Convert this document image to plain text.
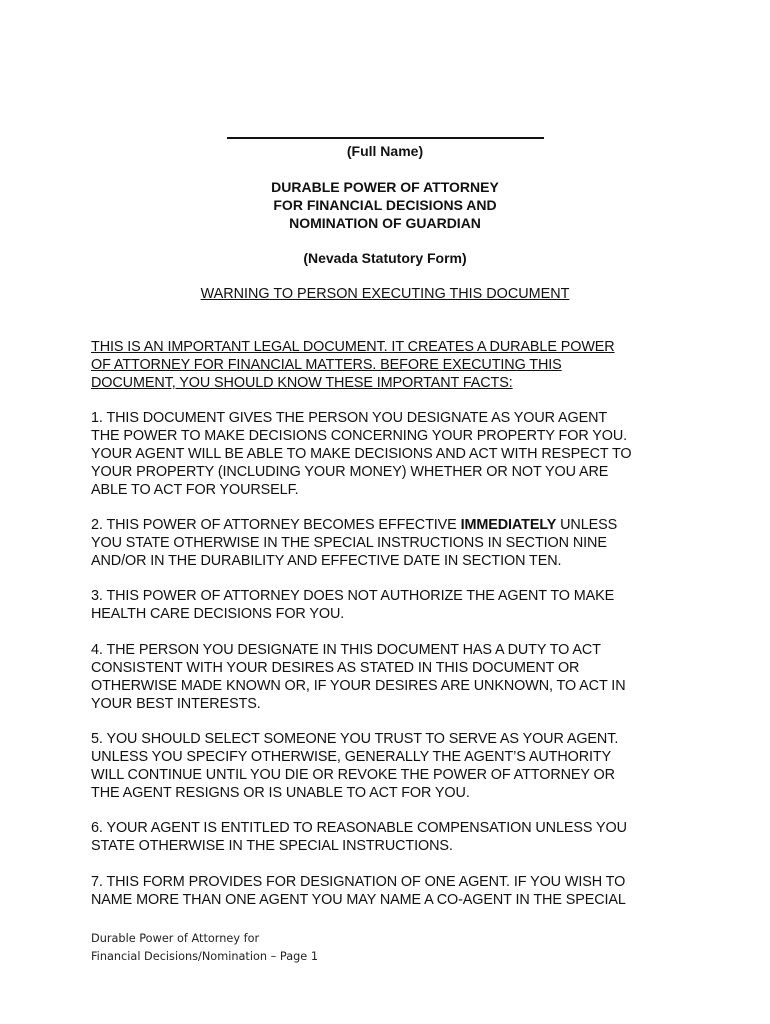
(Full Name)
DURABLE POWER OF ATTORNEY
FOR FINANCIAL DECISIONS AND
NOMINATION OF GUARDIAN
(Nevada Statutory Form)
WARNING TO PERSON EXECUTING THIS DOCUMENT
THIS IS AN IMPORTANT LEGAL DOCUMENT. IT CREATES A DURABLE POWER
OF ATTORNEY FOR FINANCIAL MATTERS. BEFORE EXECUTING THIS
DOCUMENT, YOU SHOULD KNOW THESE IMPORTANT FACTS:
1. THIS DOCUMENT GIVES THE PERSON YOU DESIGNATE AS YOUR AGENT
THE POWER TO MAKE DECISIONS CONCERNING YOUR PROPERTY FOR YOU.
YOUR AGENT WILL BE ABLE TO MAKE DECISIONS AND ACT WITH RESPECT TO
YOUR PROPERTY (INCLUDING YOUR MONEY) WHETHER OR NOT YOU ARE
ABLE TO ACT FOR YOURSELF.
2. THIS POWER OF ATTORNEY BECOMES EFFECTIVE IMMEDIATELY UNLESS
YOU STATE OTHERWISE IN THE SPECIAL INSTRUCTIONS IN SECTION NINE
AND/OR IN THE DURABILITY AND EFFECTIVE DATE IN SECTION TEN.
3. THIS POWER OF ATTORNEY DOES NOT AUTHORIZE THE AGENT TO MAKE
HEALTH CARE DECISIONS FOR YOU.
4. THE PERSON YOU DESIGNATE IN THIS DOCUMENT HAS A DUTY TO ACT
CONSISTENT WITH YOUR DESIRES AS STATED IN THIS DOCUMENT OR
OTHERWISE MADE KNOWN OR, IF YOUR DESIRES ARE UNKNOWN, TO ACT IN
YOUR BEST INTERESTS.
5. YOU SHOULD SELECT SOMEONE YOU TRUST TO SERVE AS YOUR AGENT.
UNLESS YOU SPECIFY OTHERWISE, GENERALLY THE AGENT’S AUTHORITY
WILL CONTINUE UNTIL YOU DIE OR REVOKE THE POWER OF ATTORNEY OR
THE AGENT RESIGNS OR IS UNABLE TO ACT FOR YOU.
6. YOUR AGENT IS ENTITLED TO REASONABLE COMPENSATION UNLESS YOU
STATE OTHERWISE IN THE SPECIAL INSTRUCTIONS.
7. THIS FORM PROVIDES FOR DESIGNATION OF ONE AGENT. IF YOU WISH TO
NAME MORE THAN ONE AGENT YOU MAY NAME A CO-AGENT IN THE SPECIAL
Durable Power of Attorney for
Financial Decisions/Nomination – Page 1
